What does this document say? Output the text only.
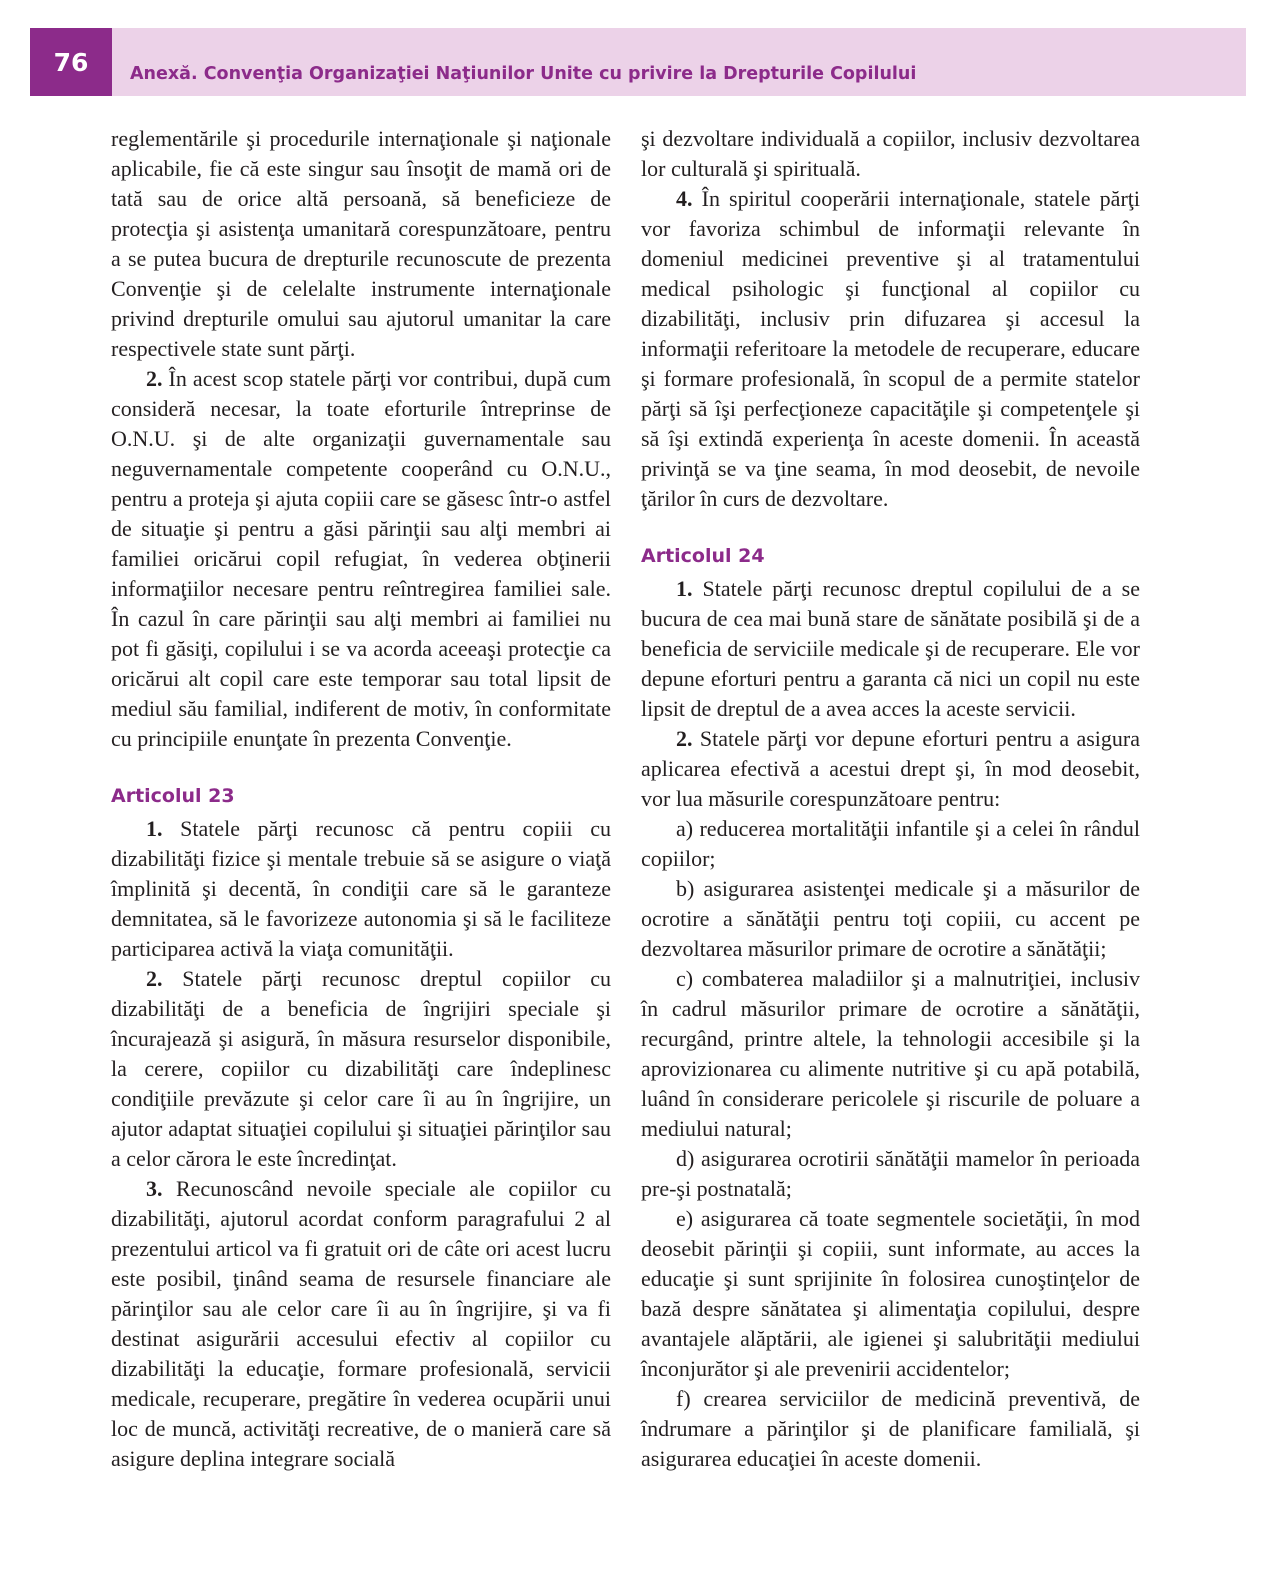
76	Anexă. Convenţia Organizaţiei Naţiunilor Unite cu privire la Drepturile Copilului

reglementările şi procedurile internaţionale şi naţionale aplicabile, fie că este singur sau însoţit de mamă ori de tată sau de orice altă persoană, să beneficieze de protecţia şi asistenţa umanitară corespunzătoare, pentru a se putea bucura de drepturile recunoscute de prezenta Convenţie şi de celelalte instrumente internaţionale privind drepturile omului sau ajutorul umanitar la care respectivele state sunt părţi.

2. În acest scop statele părţi vor contribui, după cum consideră necesar, la toate eforturile întreprinse de O.N.U. şi de alte organizaţii guvernamentale sau neguvernamentale competente cooperând cu O.N.U., pentru a proteja şi ajuta copiii care se găsesc într-o astfel de situaţie şi pentru a găsi părinţii sau alţi membri ai familiei oricărui copil refugiat, în vederea obţinerii informaţiilor necesare pentru reîntregirea familiei sale. În cazul în care părinţii sau alţi membri ai familiei nu pot fi găsiţi, copilului i se va acorda aceeaşi protecţie ca oricărui alt copil care este temporar sau total lipsit de mediul său familial, indiferent de motiv, în conformitate cu principiile enunţate în prezenta Convenţie.

Articolul 23

1. Statele părţi recunosc că pentru copiii cu dizabilităţi fizice şi mentale trebuie să se asigure o viaţă împlinită şi decentă, în condiţii care să le garanteze demnitatea, să le favorizeze autonomia şi să le faciliteze participarea activă la viaţa comunităţii.

2. Statele părţi recunosc dreptul copiilor cu dizabilităţi de a beneficia de îngrijiri speciale şi încurajează şi asigură, în măsura resurselor disponibile, la cerere, copiilor cu dizabilităţi care îndeplinesc condiţiile prevăzute şi celor care îi au în îngrijire, un ajutor adaptat situaţiei copilului şi situaţiei părinţilor sau a celor cărora le este încredinţat.

3. Recunoscând nevoile speciale ale copiilor cu dizabilităţi, ajutorul acordat conform paragrafului 2 al prezentului articol va fi gratuit ori de câte ori acest lucru este posibil, ţinând seama de resursele financiare ale părinţilor sau ale celor care îi au în îngrijire, şi va fi destinat asigurării accesului efectiv al copiilor cu dizabilităţi la educaţie, formare profesională, servicii medicale, recuperare, pregătire în vederea ocupării unui loc de muncă, activităţi recreative, de o manieră care să asigure deplina integrare socială

şi dezvoltare individuală a copiilor, inclusiv dezvoltarea lor culturală şi spirituală.

4. În spiritul cooperării internaţionale, statele părţi vor favoriza schimbul de informaţii relevante în domeniul medicinei preventive şi al tratamentului medical psihologic şi funcţional al copiilor cu dizabilităţi, inclusiv prin difuzarea şi accesul la informaţii referitoare la metodele de recuperare, educare şi formare profesională, în scopul de a permite statelor părţi să îşi perfecţioneze capacităţile şi competenţele şi să îşi extindă experienţa în aceste domenii. În această privinţă se va ţine seama, în mod deosebit, de nevoile ţărilor în curs de dezvoltare.

Articolul 24

1. Statele părţi recunosc dreptul copilului de a se bucura de cea mai bună stare de sănătate posibilă şi de a beneficia de serviciile medicale şi de recuperare. Ele vor depune eforturi pentru a garanta că nici un copil nu este lipsit de dreptul de a avea acces la aceste servicii.

2. Statele părţi vor depune eforturi pentru a asigura aplicarea efectivă a acestui drept şi, în mod deosebit, vor lua măsurile corespunzătoare pentru:

a) reducerea mortalităţii infantile şi a celei în rândul copiilor;

b) asigurarea asistenţei medicale şi a măsurilor de ocrotire a sănătăţii pentru toţi copiii, cu accent pe dezvoltarea măsurilor primare de ocrotire a sănătăţii;

c) combaterea maladiilor şi a malnutriţiei, inclusiv în cadrul măsurilor primare de ocrotire a sănătăţii, recurgând, printre altele, la tehnologii accesibile şi la aprovizionarea cu alimente nutritive şi cu apă potabilă, luând în considerare pericolele şi riscurile de poluare a mediului natural;

d) asigurarea ocrotirii sănătăţii mamelor în perioada pre-şi postnatală;

e) asigurarea că toate segmentele societăţii, în mod deosebit părinţii şi copiii, sunt informate, au acces la educaţie şi sunt sprijinite în folosirea cunoştinţelor de bază despre sănătatea şi alimentaţia copilului, despre avantajele alăptării, ale igienei şi salubrităţii mediului înconjurător şi ale prevenirii accidentelor;

f) crearea serviciilor de medicină preventivă, de îndrumare a părinţilor şi de planificare familială, şi asigurarea educaţiei în aceste domenii.
